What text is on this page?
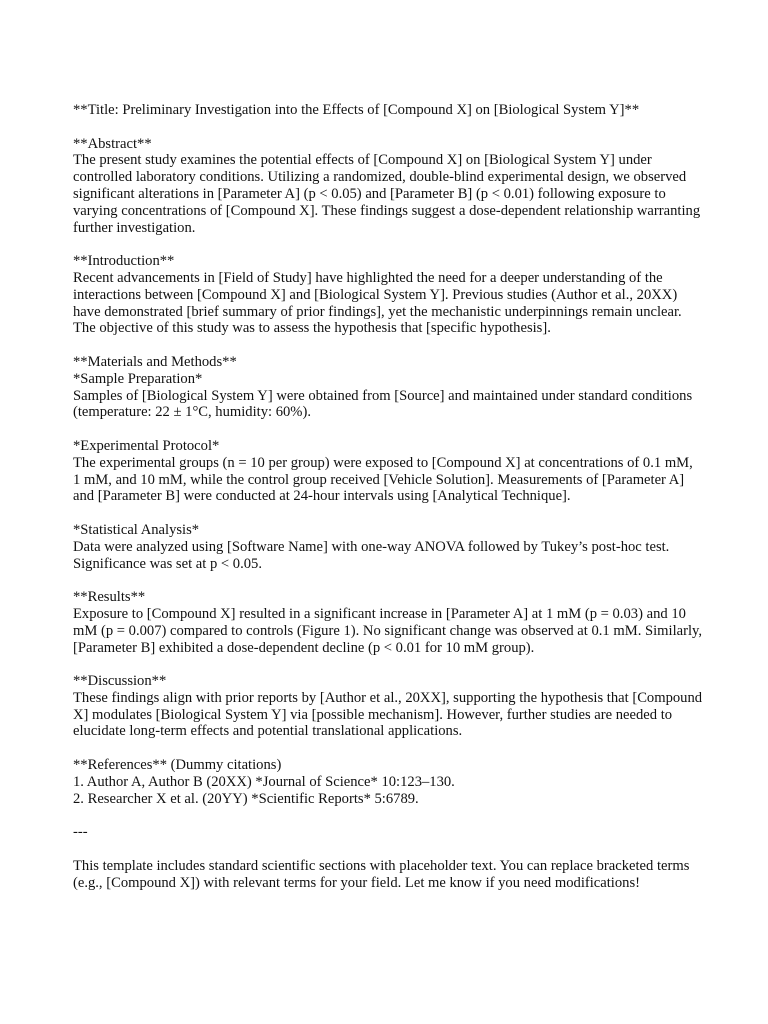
**Title: Preliminary Investigation into the Effects of [Compound X] on [Biological System Y]**

**Abstract**

The present study examines the potential effects of [Compound X] on [Biological System Y] under controlled laboratory conditions. Utilizing a randomized, double-blind experimental design, we observed significant alterations in [Parameter A] (p < 0.05) and [Parameter B] (p < 0.01) following exposure to varying concentrations of [Compound X]. These findings suggest a dose-dependent relationship warranting further investigation.

**Introduction**

Recent advancements in [Field of Study] have highlighted the need for a deeper understanding of the interactions between [Compound X] and [Biological System Y]. Previous studies (Author et al., 20XX) have demonstrated [brief summary of prior findings], yet the mechanistic underpinnings remain unclear. The objective of this study was to assess the hypothesis that [specific hypothesis].

**Materials and Methods**

*Sample Preparation*

Samples of [Biological System Y] were obtained from [Source] and maintained under standard conditions (temperature: 22 ± 1°C, humidity: 60%).

*Experimental Protocol*

The experimental groups (n = 10 per group) were exposed to [Compound X] at concentrations of 0.1 mM, 1 mM, and 10 mM, while the control group received [Vehicle Solution]. Measurements of [Parameter A] and [Parameter B] were conducted at 24-hour intervals using [Analytical Technique].

*Statistical Analysis*

Data were analyzed using [Software Name] with one-way ANOVA followed by Tukey’s post-hoc test. Significance was set at p < 0.05.

**Results**

Exposure to [Compound X] resulted in a significant increase in [Parameter A] at 1 mM (p = 0.03) and 10 mM (p = 0.007) compared to controls (Figure 1). No significant change was observed at 0.1 mM. Similarly, [Parameter B] exhibited a dose-dependent decline (p < 0.01 for 10 mM group).

**Discussion**

These findings align with prior reports by [Author et al., 20XX], supporting the hypothesis that [Compound X] modulates [Biological System Y] via [possible mechanism]. However, further studies are needed to elucidate long-term effects and potential translational applications.

**References** (Dummy citations)

1. Author A, Author B (20XX) *Journal of Science* 10:123–130.

2. Researcher X et al. (20YY) *Scientific Reports* 5:6789.

---

This template includes standard scientific sections with placeholder text. You can replace bracketed terms (e.g., [Compound X]) with relevant terms for your field. Let me know if you need modifications!
